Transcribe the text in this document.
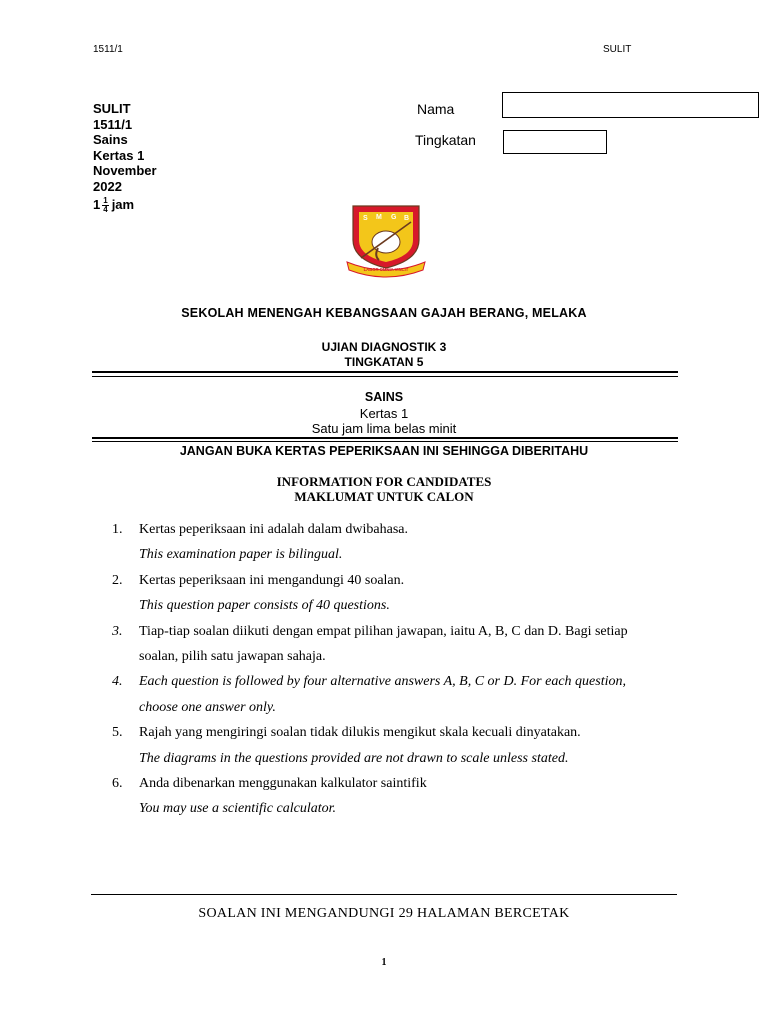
1511/1	SULIT
SULIT
1511/1
Sains
Kertas 1
November
2022
$1 \frac{1}{4}$ jam
Nama
Tingkatan
S M G B
LABOR OMNIA VINCIT
SEKOLAH MENENGAH KEBANGSAAN GAJAH BERANG, MELAKA
UJIAN DIAGNOSTIK 3
TINGKATAN 5
SAINS
Kertas 1
Satu jam lima belas minit
JANGAN BUKA KERTAS PEPERIKSAAN INI SEHINGGA DIBERITAHU
INFORMATION FOR CANDIDATES
MAKLUMAT UNTUK CALON
1. Kertas peperiksaan ini adalah dalam dwibahasa.
This examination paper is bilingual.
2. Kertas peperiksaan ini mengandungi 40 soalan.
This question paper consists of 40 questions.
3. Tiap-tiap soalan diikuti dengan empat pilihan jawapan, iaitu A, B, C dan D. Bagi setiap
soalan, pilih satu jawapan sahaja.
4. Each question is followed by four alternative answers A, B, C or D. For each question,
choose one answer only.
5. Rajah yang mengiringi soalan tidak dilukis mengikut skala kecuali dinyatakan.
The diagrams in the questions provided are not drawn to scale unless stated.
6. Anda dibenarkan menggunakan kalkulator saintifik
You may use a scientific calculator.
SOALAN INI MENGANDUNGI 29 HALAMAN BERCETAK
1
